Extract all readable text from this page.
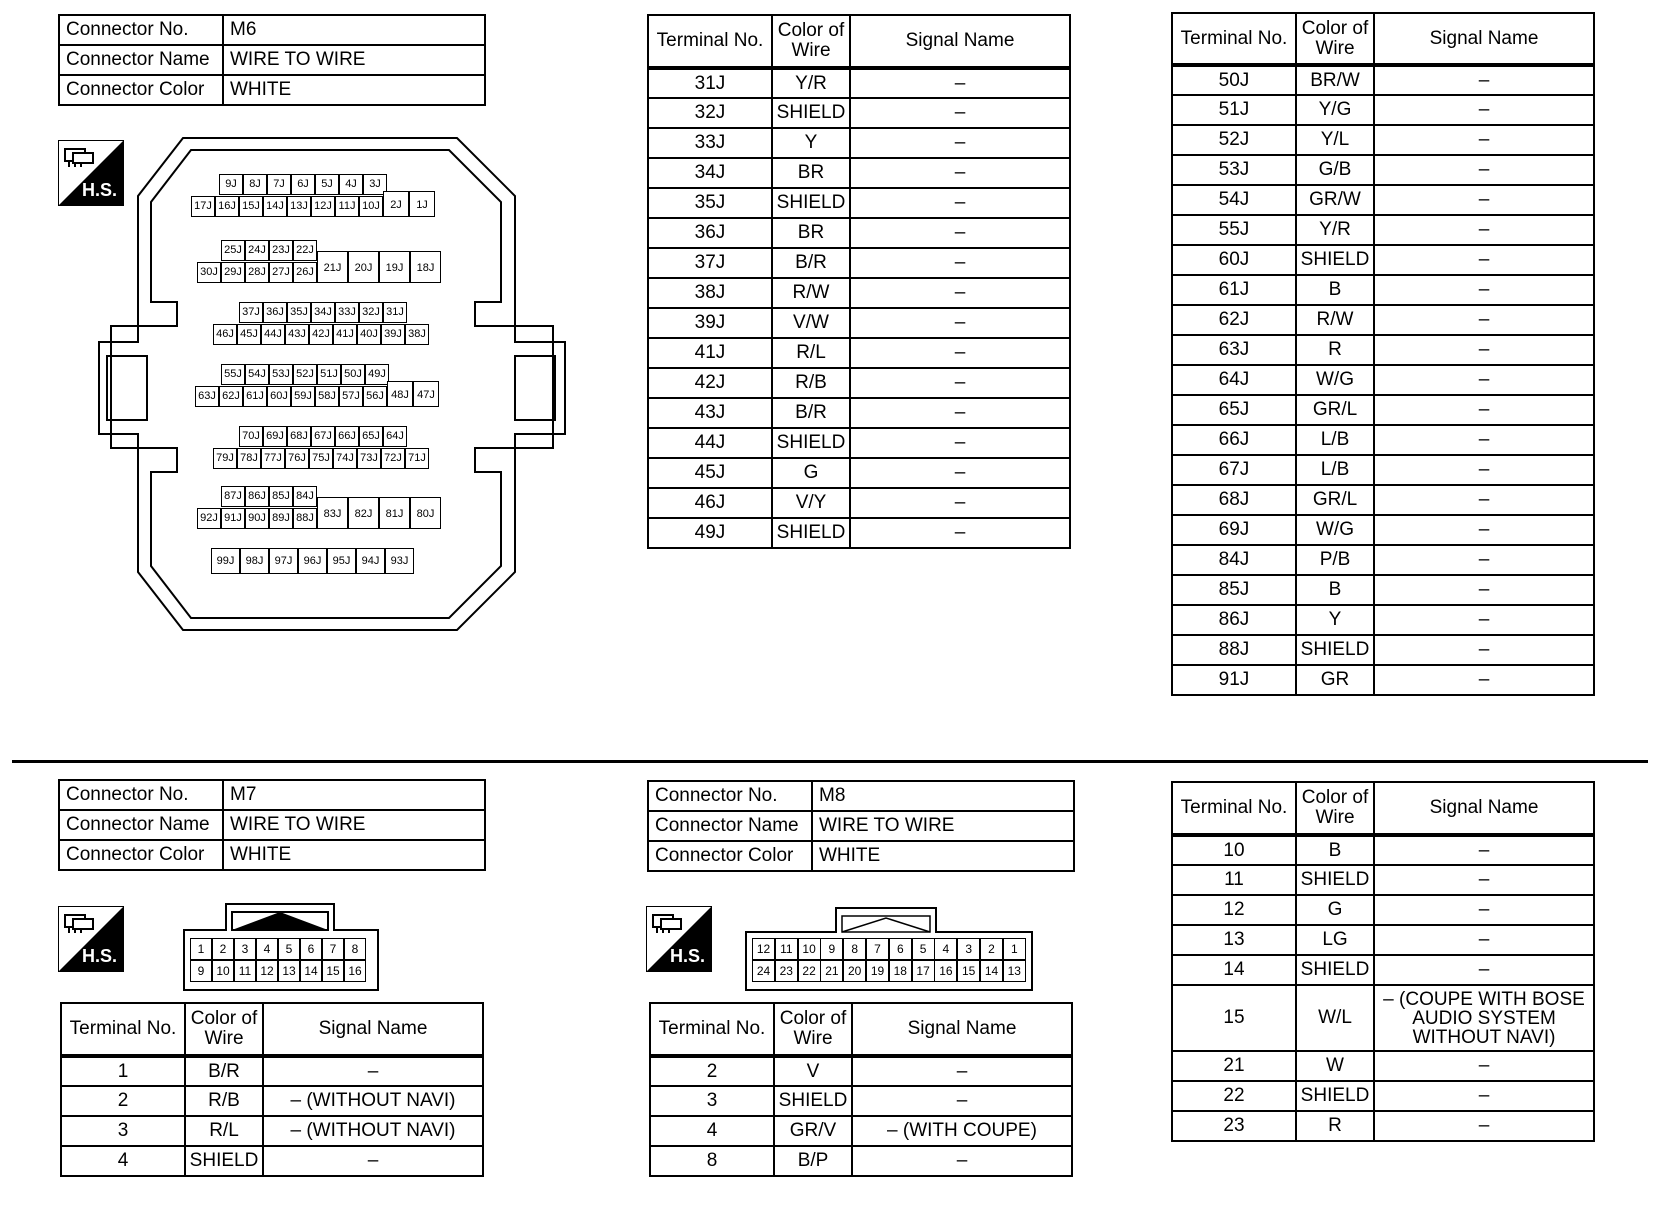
Connector No.	M6
Connector Name	WIRE TO WIRE
Connector Color	WHITE
H.S.	9J	8J	7J	6J	5J	4J	3J
17J 16J 15J 14J 13J 12J 11J 10J 2J	1J
25J 24J 23J 22J
30J 29J 28J 27J 26J 21J	20J	19J	18J
37J 36J 35J 34J 33J 32J 31J
46J 45J 44J 43J 42J 41J 40J 39J 38J
55J 54J 53J 52J 51J 50J 49J
63J 62J 61J 60J 59J 58J 57J 56J 48J 47J
70J 69J 68J 67J 66J 65J 64J
79J 78J 77J 76J 75J 74J 73J 72J 71J
87J 86J 85J 84J
92J 91J 90J 89J 88J 83J	82J	81J	80J
99J	98J	97J	96J	95J	94J	93J
Terminal No.	Color of Wire	Signal Name
31J	Y/R	–
32J	SHIELD	–
33J	Y	–
34J	BR	–
35J	SHIELD	–
36J	BR	–
37J	B/R	–
38J	R/W	–
39J	V/W	–
41J	R/L	–
42J	R/B	–
43J	B/R	–
44J	SHIELD	–
45J	G	–
46J	V/Y	–
49J	SHIELD	–
Terminal No.	Color of Wire	Signal Name
50J	BR/W	–
51J	Y/G	–
52J	Y/L	–
53J	G/B	–
54J	GR/W	–
55J	Y/R	–
60J	SHIELD	–
61J	B	–
62J	R/W	–
63J	R	–
64J	W/G	–
65J	GR/L	–
66J	L/B	–
67J	L/B	–
68J	GR/L	–
69J	W/G	–
84J	P/B	–
85J	B	–
86J	Y	–
88J	SHIELD	–
91J	GR	–
Connector No.	M7
Connector Name	WIRE TO WIRE
Connector Color	WHITE
H.S.	1	2	3	4	5	6	7	8
9 10 11 12 13 14 15 16
Terminal No.	Color of Wire	Signal Name
1	B/R	–
2	R/B	– (WITHOUT NAVI)
3	R/L	– (WITHOUT NAVI)
4	SHIELD	–
Connector No.	M8
Connector Name	WIRE TO WIRE
Connector Color	WHITE
H.S.	12 11 10	9	8	7	6	5	4	3	2	1
24 23 22 21 20 19 18 17 16 15 14 13
Terminal No.	Color of Wire	Signal Name
2	V	–
3	SHIELD	–
4	GR/V	– (WITH COUPE)
8	B/P	–
Terminal No.	Color of Wire	Signal Name
10	B	–
11	SHIELD	–
12	G	–
13	LG	–
14	SHIELD	–
15	W/L	– (COUPE WITH BOSE AUDIO SYSTEM WITHOUT NAVI)
21	W	–
22	SHIELD	–
23	R	–
